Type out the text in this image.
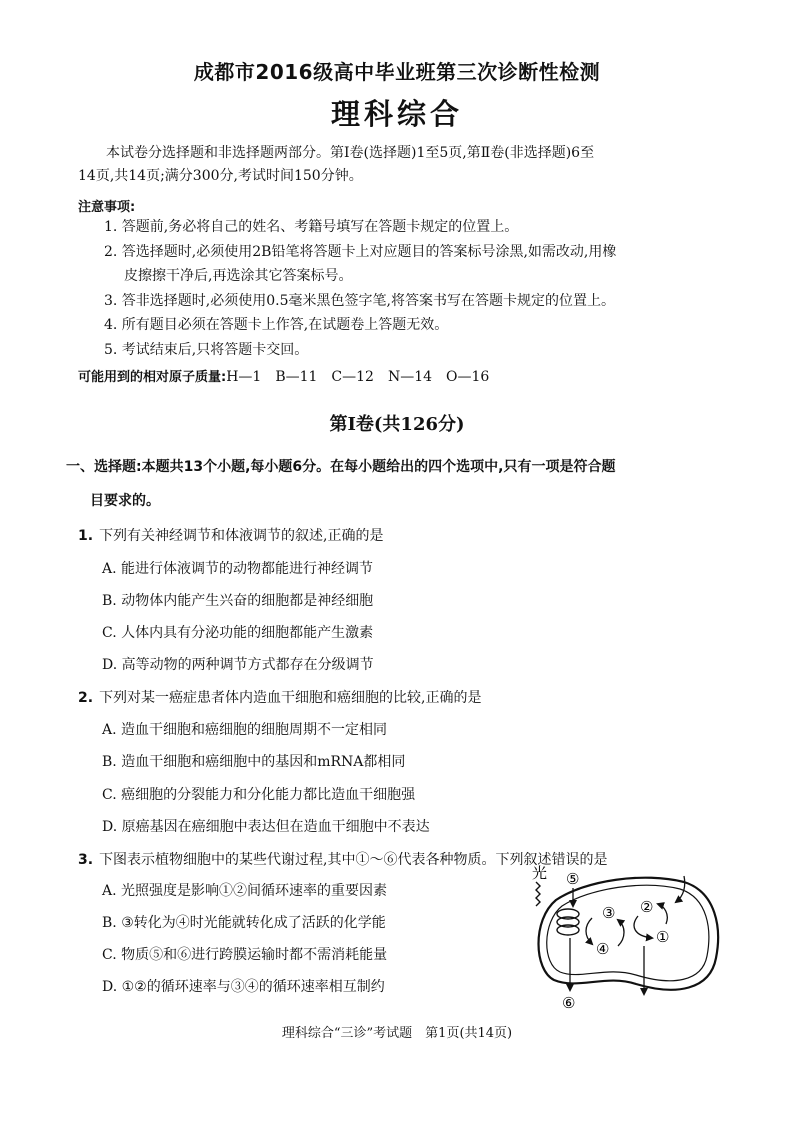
成都市2016级高中毕业班第三次诊断性检测
理科综合
本试卷分选择题和非选择题两部分。第Ⅰ卷(选择题)1至5页,第Ⅱ卷(非选择题)6至
14页,共14页;满分300分,考试时间150分钟。
注意事项:
1. 答题前,务必将自己的姓名、考籍号填写在答题卡规定的位置上。
2. 答选择题时,必须使用2B铅笔将答题卡上对应题目的答案标号涂黑,如需改动,用橡
皮擦擦干净后,再选涂其它答案标号。
3. 答非选择题时,必须使用0.5毫米黑色签字笔,将答案书写在答题卡规定的位置上。
4. 所有题目必须在答题卡上作答,在试题卷上答题无效。
5. 考试结束后,只将答题卡交回。
可能用到的相对原子质量:H—1　B—11　C—12　N—14　O—16
第Ⅰ卷(共126分)
一、选择题:本题共13个小题,每小题6分。在每小题给出的四个选项中,只有一项是符合题
目要求的。
1. 下列有关神经调节和体液调节的叙述,正确的是
A. 能进行体液调节的动物都能进行神经调节
B. 动物体内能产生兴奋的细胞都是神经细胞
C. 人体内具有分泌功能的细胞都能产生激素
D. 高等动物的两种调节方式都存在分级调节
2. 下列对某一癌症患者体内造血干细胞和癌细胞的比较,正确的是
A. 造血干细胞和癌细胞的细胞周期不一定相同
B. 造血干细胞和癌细胞中的基因和mRNA都相同
C. 癌细胞的分裂能力和分化能力都比造血干细胞强
D. 原癌基因在癌细胞中表达但在造血干细胞中不表达
3. 下图表示植物细胞中的某些代谢过程,其中①～⑥代表各种物质。下列叙述错误的是
A. 光照强度是影响①②间循环速率的重要因素
B. ③转化为④时光能就转化成了活跃的化学能
C. 物质⑤和⑥进行跨膜运输时都不需消耗能量
D. ①②的循环速率与③④的循环速率相互制约
光 ⑤
⑥
③
④
②
①
理科综合“三诊”考试题　第1页(共14页)
